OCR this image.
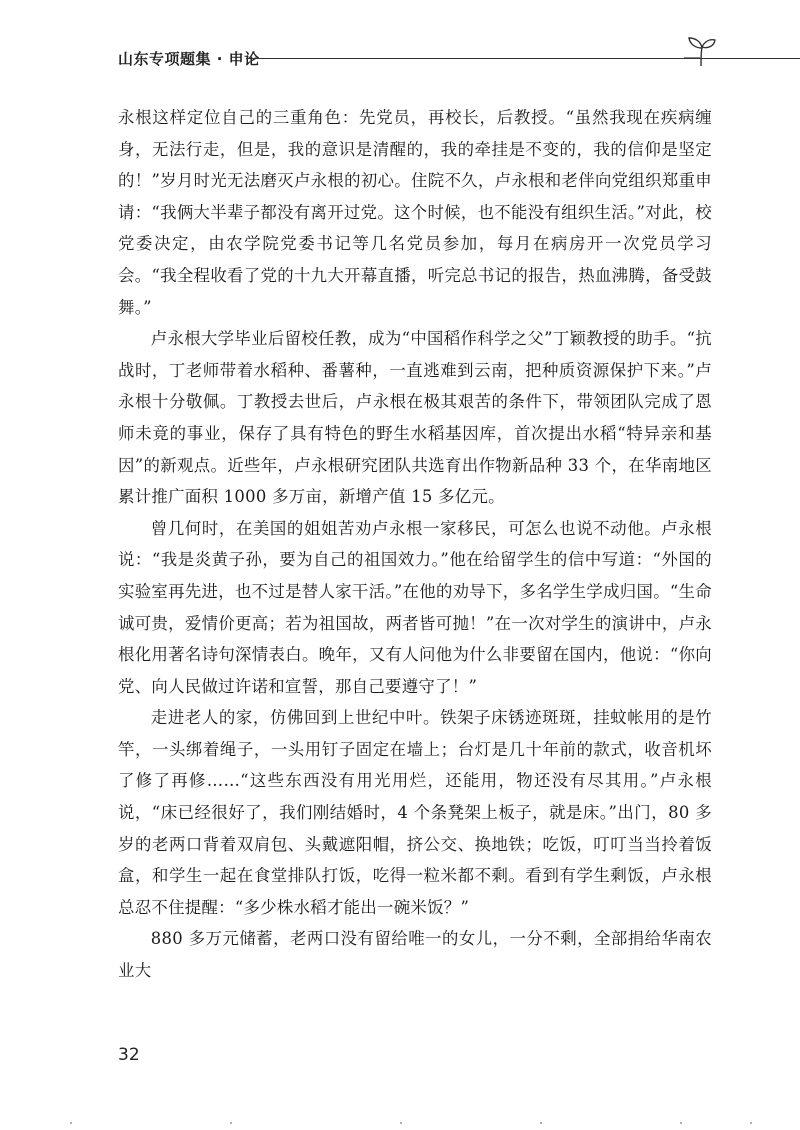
山东专项题集 · 申论

永根这样定位自己的三重角色：先党员，再校长，后教授。“虽然我现在疾病缠身，无法行走，但是，我的意识是清醒的，我的牵挂是不变的，我的信仰是坚定的！”岁月时光无法磨灭卢永根的初心。住院不久，卢永根和老伴向党组织郑重申请：“我俩大半辈子都没有离开过党。这个时候，也不能没有组织生活。”对此，校党委决定，由农学院党委书记等几名党员参加，每月在病房开一次党员学习会。“我全程收看了党的十九大开幕直播，听完总书记的报告，热血沸腾，备受鼓舞。”

卢永根大学毕业后留校任教，成为“中国稻作科学之父”丁颖教授的助手。“抗战时，丁老师带着水稻种、番薯种，一直逃难到云南，把种质资源保护下来。”卢永根十分敬佩。丁教授去世后，卢永根在极其艰苦的条件下，带领团队完成了恩师未竟的事业，保存了具有特色的野生水稻基因库，首次提出水稻“特异亲和基因”的新观点。近些年，卢永根研究团队共选育出作物新品种 33 个，在华南地区累计推广面积 1000 多万亩，新增产值 15 多亿元。

曾几何时，在美国的姐姐苦劝卢永根一家移民，可怎么也说不动他。卢永根说：“我是炎黄子孙，要为自己的祖国效力。”他在给留学生的信中写道：“外国的实验室再先进，也不过是替人家干活。”在他的劝导下，多名学生学成归国。“生命诚可贵，爱情价更高；若为祖国故，两者皆可抛！”在一次对学生的演讲中，卢永根化用著名诗句深情表白。晚年，又有人问他为什么非要留在国内，他说：“你向党、向人民做过许诺和宣誓，那自己要遵守了！”

走进老人的家，仿佛回到上世纪中叶。铁架子床锈迹斑斑，挂蚊帐用的是竹竿，一头绑着绳子，一头用钉子固定在墙上；台灯是几十年前的款式，收音机坏了修了再修……“这些东西没有用光用烂，还能用，物还没有尽其用。”卢永根说，“床已经很好了，我们刚结婚时，4 个条凳架上板子，就是床。”出门，80 多岁的老两口背着双肩包、头戴遮阳帽，挤公交、换地铁；吃饭，叮叮当当拎着饭盒，和学生一起在食堂排队打饭，吃得一粒米都不剩。看到有学生剩饭，卢永根总忍不住提醒：“多少株水稻才能出一碗米饭？”

880 多万元储蓄，老两口没有留给唯一的女儿，一分不剩，全部捐给华南农业大

32
